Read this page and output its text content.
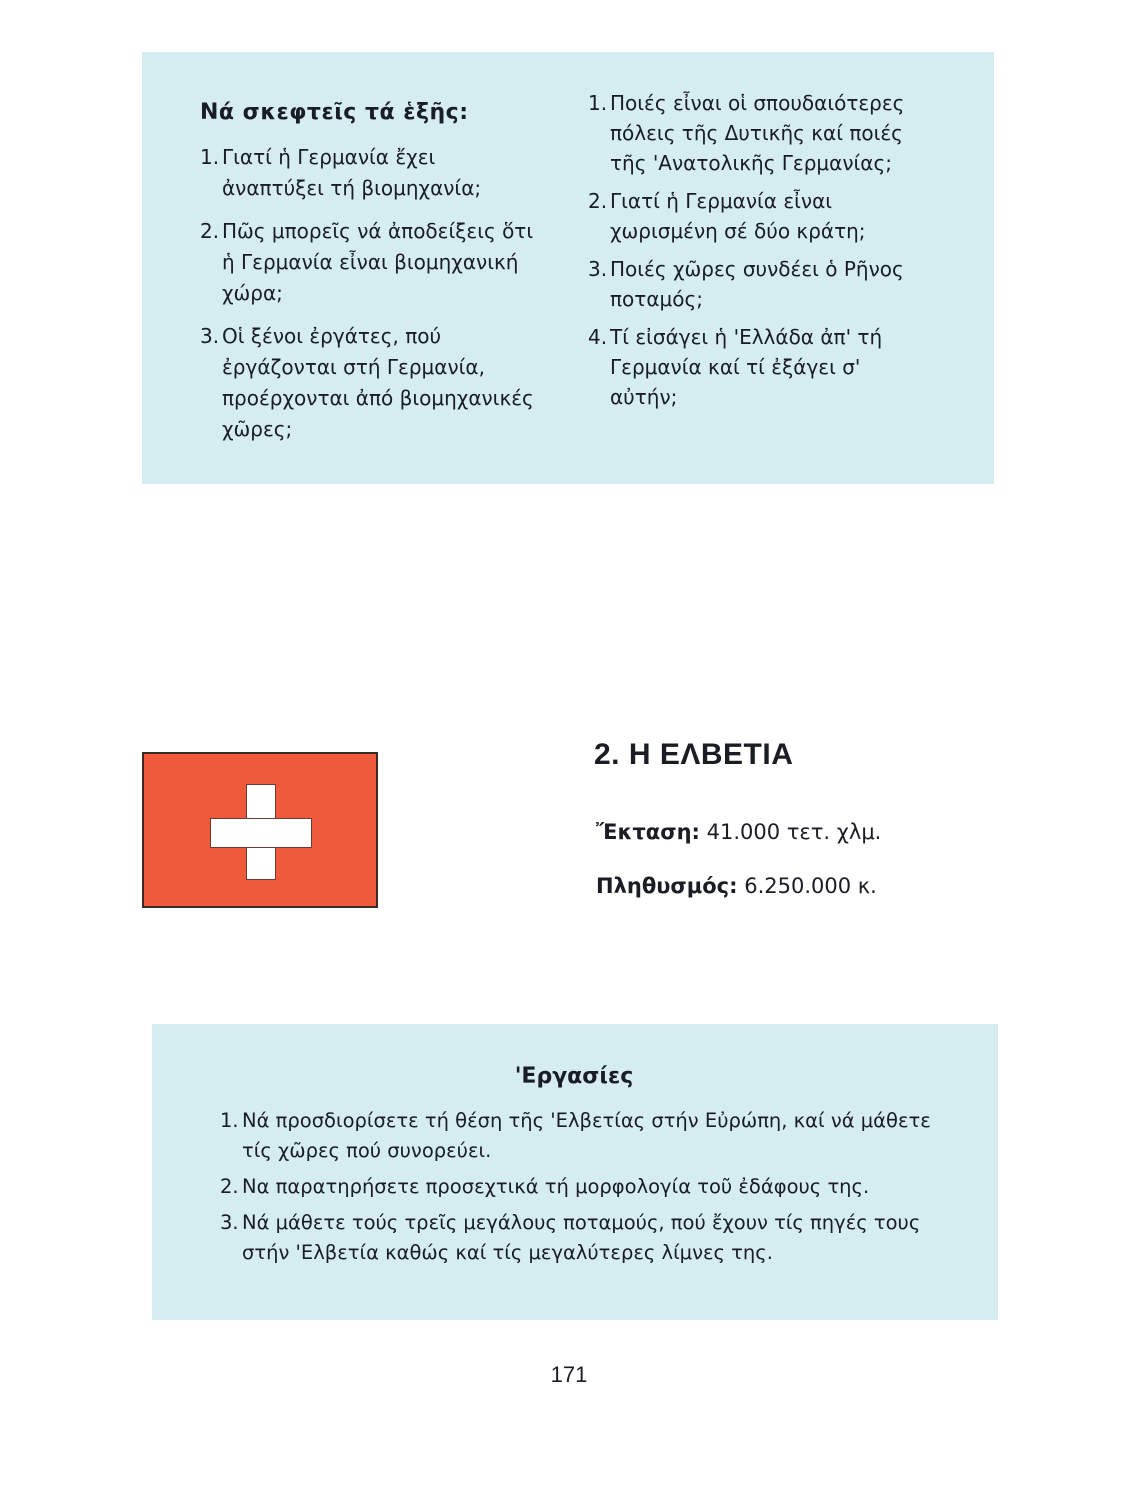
Νά σκεφτεῖς τά ἑξῆς:
1. Γιατί ἡ Γερμανία ἔχει ἀναπτύξει τή βιομηχανία;
2. Πῶς μπορεῖς νά ἀποδείξεις ὅτι ἡ Γερμανία εἶναι βιομηχανική χώρα;
3. Οἱ ξένοι ἐργάτες, πού ἐργάζονται στή Γερμανία, προέρχονται ἀπό βιομηχανικές χῶρες;
1. Ποιές εἶναι οἱ σπουδαιότερες πόλεις τῆς Δυτικῆς καί ποιές τῆς 'Ανατολικῆς Γερμανίας;
2. Γιατί ἡ Γερμανία εἶναι χωρισμένη σέ δύο κράτη;
3. Ποιές χῶρες συνδέει ὁ Ρῆνος ποταμός;
4. Τί εἰσάγει ἡ 'Ελλάδα ἀπ' τή Γερμανία καί τί ἐξάγει σ' αὐτήν;
2. Η ΕΛΒΕΤΙΑ
Ἔκταση: 41.000 τετ. χλμ.
Πληθυσμός: 6.250.000 κ.
'Εργασίες
1. Νά προσδιορίσετε τή θέση τῆς 'Ελβετίας στήν Εὐρώπη, καί νά μάθετε τίς χῶρες πού συνορεύει.
2. Να παρατηρήσετε προσεχτικά τή μορφολογία τοῦ ἐδάφους της.
3. Νά μάθετε τούς τρεῖς μεγάλους ποταμούς, πού ἔχουν τίς πηγές τους στήν 'Ελβετία καθώς καί τίς μεγαλύτερες λίμνες της.
171
